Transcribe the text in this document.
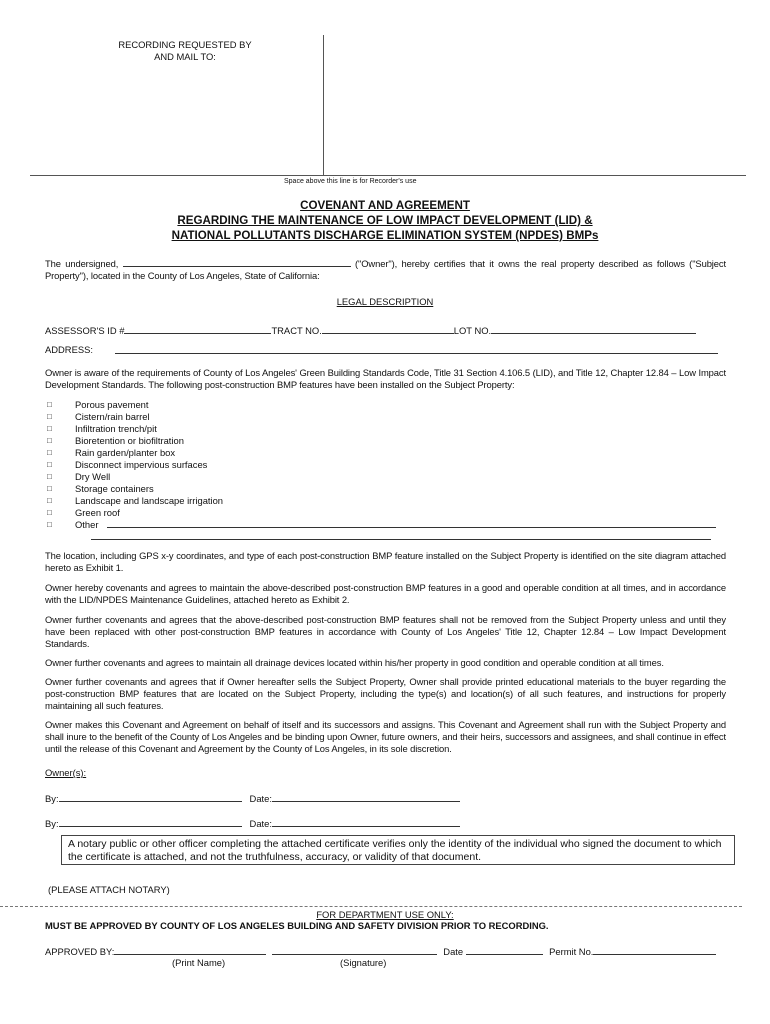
RECORDING REQUESTED BY
AND MAIL TO:
Space above this line is for Recorder's use
COVENANT AND AGREEMENT
REGARDING THE MAINTENANCE OF LOW IMPACT DEVELOPMENT (LID) &
NATIONAL POLLUTANTS DISCHARGE ELIMINATION SYSTEM (NPDES) BMPs
The undersigned,	("Owner"), hereby certifies that it owns the real property described as follows ("Subject Property"), located in the County of Los Angeles, State of California:
LEGAL DESCRIPTION
ASSESSOR'S ID #	TRACT NO.	LOT NO.
ADDRESS:
Owner is aware of the requirements of County of Los Angeles' Green Building Standards Code, Title 31 Section 4.106.5 (LID), and Title 12, Chapter 12.84 – Low Impact Development Standards. The following post-construction BMP features have been installed on the Subject Property:
□ Porous pavement
□ Cistern/rain barrel
□ Infiltration trench/pit
□ Bioretention or biofiltration
□ Rain garden/planter box
□ Disconnect impervious surfaces
□ Dry Well
□ Storage containers
□ Landscape and landscape irrigation
□ Green roof
□ Other
The location, including GPS x-y coordinates, and type of each post-construction BMP feature installed on the Subject Property is identified on the site diagram attached hereto as Exhibit 1.
Owner hereby covenants and agrees to maintain the above-described post-construction BMP features in a good and operable condition at all times, and in accordance with the LID/NPDES Maintenance Guidelines, attached hereto as Exhibit 2.
Owner further covenants and agrees that the above-described post-construction BMP features shall not be removed from the Subject Property unless and until they have been replaced with other post-construction BMP features in accordance with County of Los Angeles' Title 12, Chapter 12.84 – Low Impact Development Standards.
Owner further covenants and agrees to maintain all drainage devices located within his/her property in good condition and operable condition at all times.
Owner further covenants and agrees that if Owner hereafter sells the Subject Property, Owner shall provide printed educational materials to the buyer regarding the post-construction BMP features that are located on the Subject Property, including the type(s) and location(s) of all such features, and instructions for properly maintaining all such features.
Owner makes this Covenant and Agreement on behalf of itself and its successors and assigns. This Covenant and Agreement shall run with the Subject Property and shall inure to the benefit of the County of Los Angeles and be binding upon Owner, future owners, and their heirs, successors and assignees, and shall continue in effect until the release of this Covenant and Agreement by the County of Los Angeles, in its sole discretion.
Owner(s):
By:	Date:
By:	Date:
A notary public or other officer completing the attached certificate verifies only the identity of the individual who signed the document to which the certificate is attached, and not the truthfulness, accuracy, or validity of that document.
(PLEASE ATTACH NOTARY)
FOR DEPARTMENT USE ONLY:
MUST BE APPROVED BY COUNTY OF LOS ANGELES BUILDING AND SAFETY DIVISION PRIOR TO RECORDING.
APPROVED BY:	Date	Permit No.
(Print Name)	(Signature)
